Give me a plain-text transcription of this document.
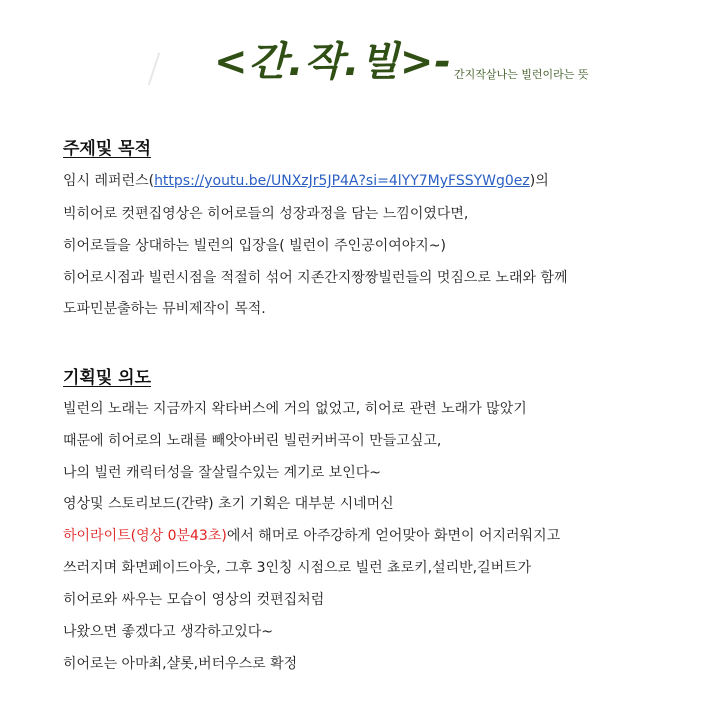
<간.작.빌>- 간지작살나는 빌런이라는 뜻
주제및 목적
임시 레퍼런스(https://youtu.be/UNXzJr5JP4A?si=4lYY7MyFSSYWg0ez)의
빅히어로 컷편집영상은 히어로들의 성장과정을 담는 느낌이였다면,
히어로들을 상대하는 빌런의 입장을( 빌런이 주인공이여야지~)
히어로시점과 빌런시점을 적절히 섞어 지존간지짱짱빌런들의 멋짐으로 노래와 함께
도파민분출하는 뮤비제작이 목적.
기획및 의도
빌런의 노래는 지금까지 왁타버스에 거의 없었고, 히어로 관련 노래가 많았기
때문에 히어로의 노래를 빼앗아버린 빌런커버곡이 만들고싶고,
나의 빌런 캐릭터성을 잘살릴수있는 계기로 보인다~
영상및 스토리보드(간략) 초기 기획은 대부분 시네머신
하이라이트(영상 0분43초)에서 해머로 아주강하게 얻어맞아 화면이 어지러워지고
쓰러지며 화면페이드아웃, 그후 3인칭 시점으로 빌런 쵸로키,설리반,길버트가
히어로와 싸우는 모습이 영상의 컷편집처럼
나왔으면 좋겠다고 생각하고있다~
히어로는 아마최,샬롯,버터우스로 확정
